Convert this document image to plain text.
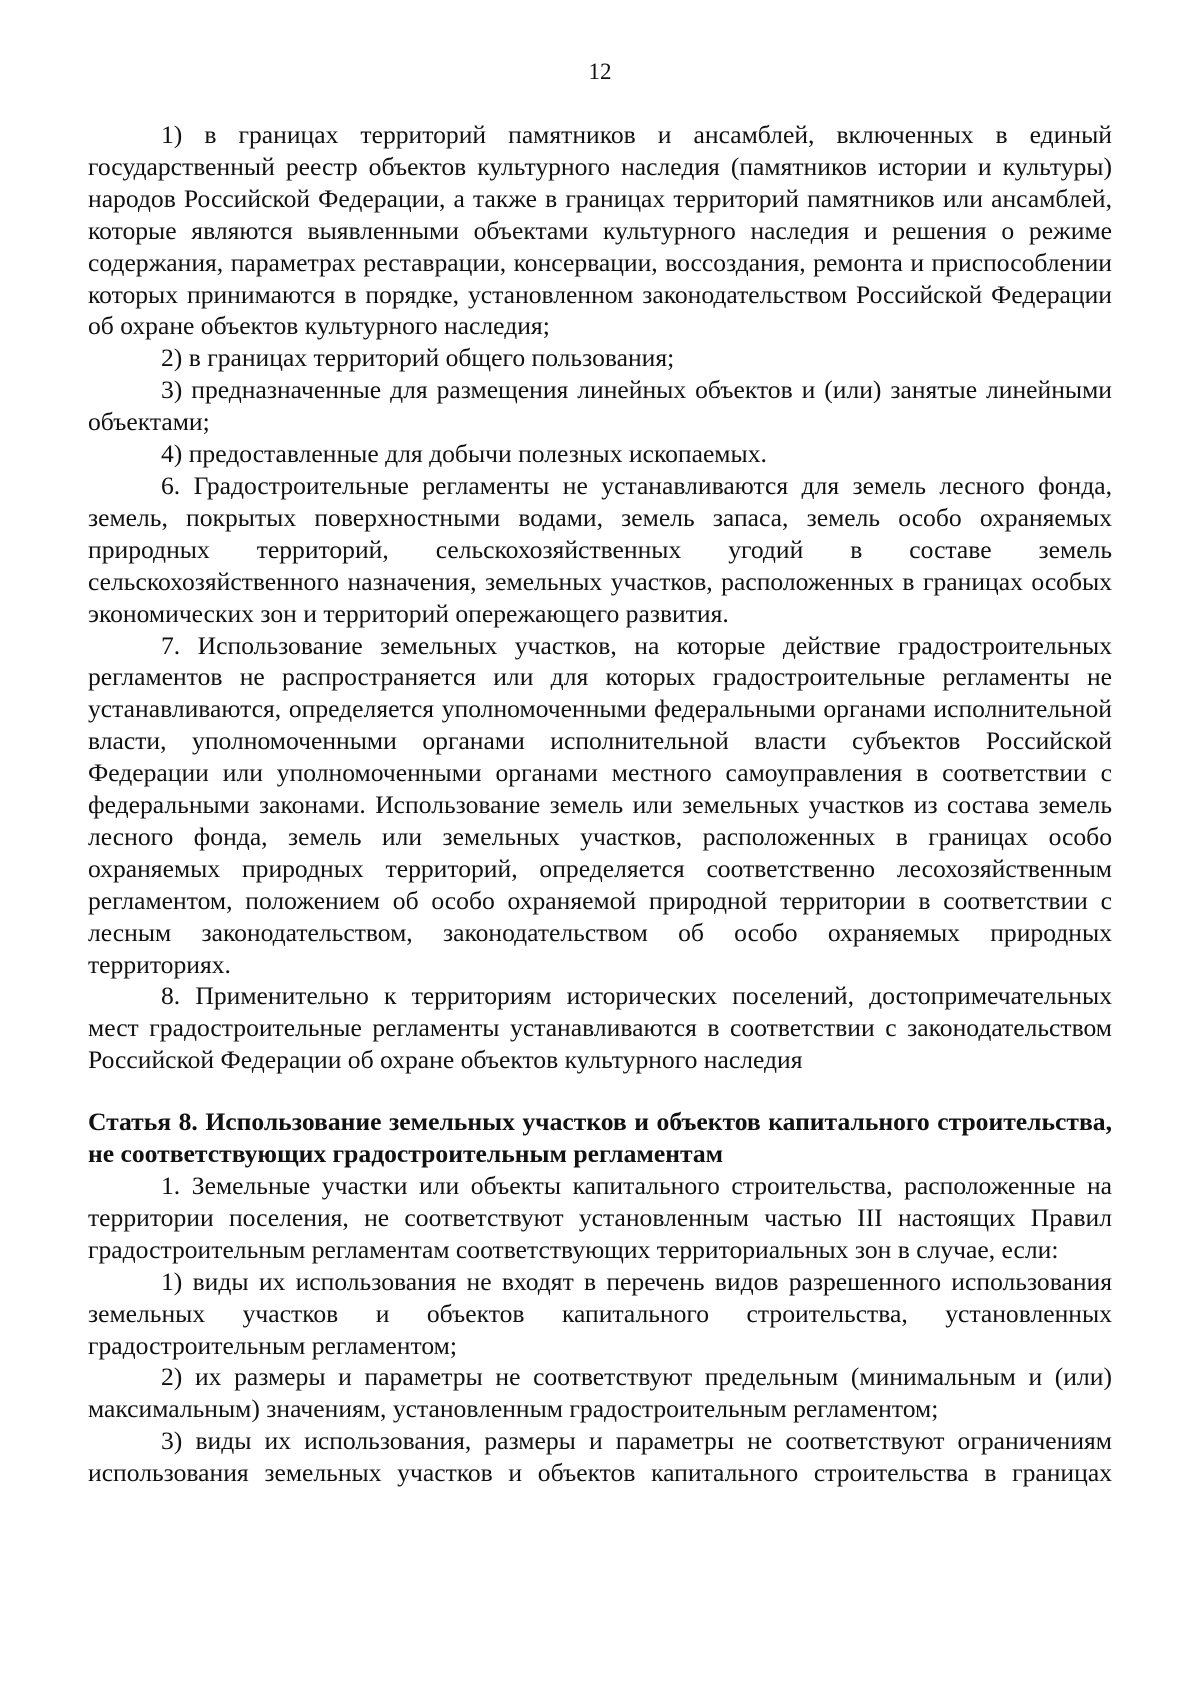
12

1) в границах территорий памятников и ансамблей, включенных в единый государственный реестр объектов культурного наследия (памятников истории и культуры) народов Российской Федерации, а также в границах территорий памятников или ансамблей, которые являются выявленными объектами культурного наследия и решения о режиме содержания, параметрах реставрации, консервации, воссоздания, ремонта и приспособлении которых принимаются в порядке, установленном законодательством Российской Федерации об охране объектов культурного наследия;

2) в границах территорий общего пользования;

3) предназначенные для размещения линейных объектов и (или) занятые линейными объектами;

4) предоставленные для добычи полезных ископаемых.

6. Градостроительные регламенты не устанавливаются для земель лесного фонда, земель, покрытых поверхностными водами, земель запаса, земель особо охраняемых природных территорий, сельскохозяйственных угодий в составе земель сельскохозяйственного назначения, земельных участков, расположенных в границах особых экономических зон и территорий опережающего развития.

7. Использование земельных участков, на которые действие градостроительных регламентов не распространяется или для которых градостроительные регламенты не устанавливаются, определяется уполномоченными федеральными органами исполнительной власти, уполномоченными органами исполнительной власти субъектов Российской Федерации или уполномоченными органами местного самоуправления в соответствии с федеральными законами. Использование земель или земельных участков из состава земель лесного фонда, земель или земельных участков, расположенных в границах особо охраняемых природных территорий, определяется соответственно лесохозяйственным регламентом, положением об особо охраняемой природной территории в соответствии с лесным законодательством, законодательством об особо охраняемых природных территориях.

8. Применительно к территориям исторических поселений, достопримечательных мест градостроительные регламенты устанавливаются в соответствии с законодательством Российской Федерации об охране объектов культурного наследия

Статья 8. Использование земельных участков и объектов капитального строительства, не соответствующих градостроительным регламентам

1. Земельные участки или объекты капитального строительства, расположенные на территории поселения, не соответствуют установленным частью III настоящих Правил градостроительным регламентам соответствующих территориальных зон в случае, если:

1) виды их использования не входят в перечень видов разрешенного использования земельных участков и объектов капитального строительства, установленных градостроительным регламентом;

2) их размеры и параметры не соответствуют предельным (минимальным и (или) максимальным) значениям, установленным градостроительным регламентом;

3) виды их использования, размеры и параметры не соответствуют ограничениям использования земельных участков и объектов капитального строительства в границах
